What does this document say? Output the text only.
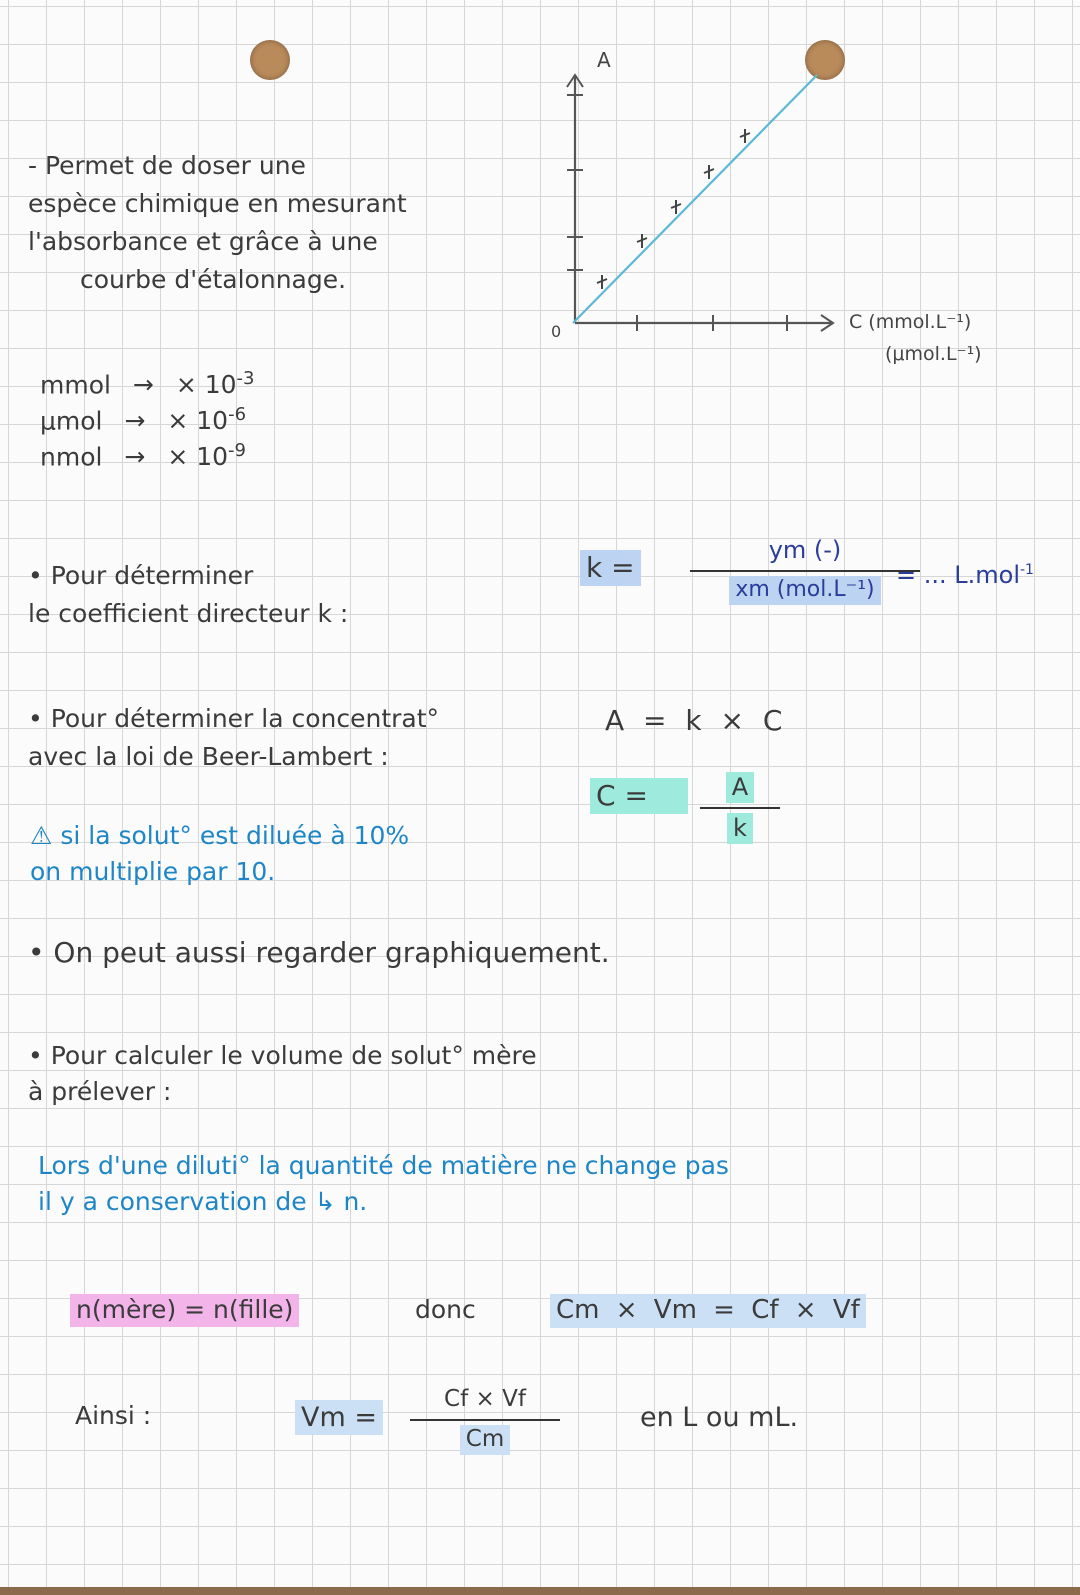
- Permet de doser une
espèce chimique en mesurant
l'absorbance et grâce à une
courbe d'étalonnage.
A
0	C (mmol.L⁻¹)
(μmol.L⁻¹)
mmol → × $10^{-3}$
μmol → × $10^{-6}$
nmol → × $10^{-9}$
• Pour déterminer
le coefficient directeur k :
k =
ym (-)
xm (mol.L⁻¹)
= ... L.mol$^{-1}$
• Pour déterminer la concentrat°
avec la loi de Beer-Lambert :
A = k × C
C =	A
k
⚠ si la solut° est diluée à 10%
on multiplie par 10.
• On peut aussi regarder graphiquement.
• Pour calculer le volume de solut° mère
à prélever :
Lors d'une diluti° la quantité de matière ne change pas
il y a conservation de ↳ n.
n(mère) = n(fille)	donc	Cm × Vm = Cf × Vf
Ainsi :	Vm =
Cf × Vf
Cm
en L ou mL.
